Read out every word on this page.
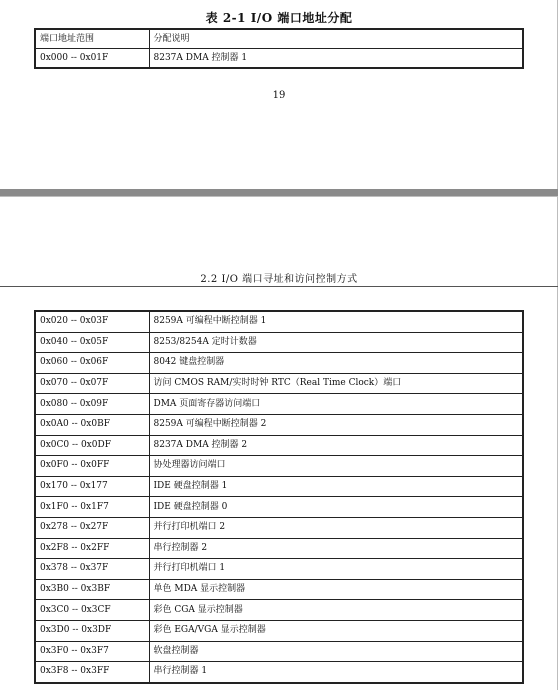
表 2-1 I/O 端口地址分配
端口地址范围	分配说明
0x000 -- 0x01F	8237A DMA 控制器 1
19
2.2 I/O 端口寻址和访问控制方式
0x020 -- 0x03F	8259A 可编程中断控制器 1
0x040 -- 0x05F	8253/8254A 定时计数器
0x060 -- 0x06F	8042 键盘控制器
0x070 -- 0x07F	访问 CMOS RAM/实时时钟 RTC（Real Time Clock）端口
0x080 -- 0x09F	DMA 页面寄存器访问端口
0x0A0 -- 0x0BF	8259A 可编程中断控制器 2
0x0C0 -- 0x0DF	8237A DMA 控制器 2
0x0F0 -- 0x0FF	协处理器访问端口
0x170 -- 0x177	IDE 硬盘控制器 1
0x1F0 -- 0x1F7	IDE 硬盘控制器 0
0x278 -- 0x27F	并行打印机端口 2
0x2F8 -- 0x2FF	串行控制器 2
0x378 -- 0x37F	并行打印机端口 1
0x3B0 -- 0x3BF	单色 MDA 显示控制器
0x3C0 -- 0x3CF	彩色 CGA 显示控制器
0x3D0 -- 0x3DF	彩色 EGA/VGA 显示控制器
0x3F0 -- 0x3F7	软盘控制器
0x3F8 -- 0x3FF	串行控制器 1
